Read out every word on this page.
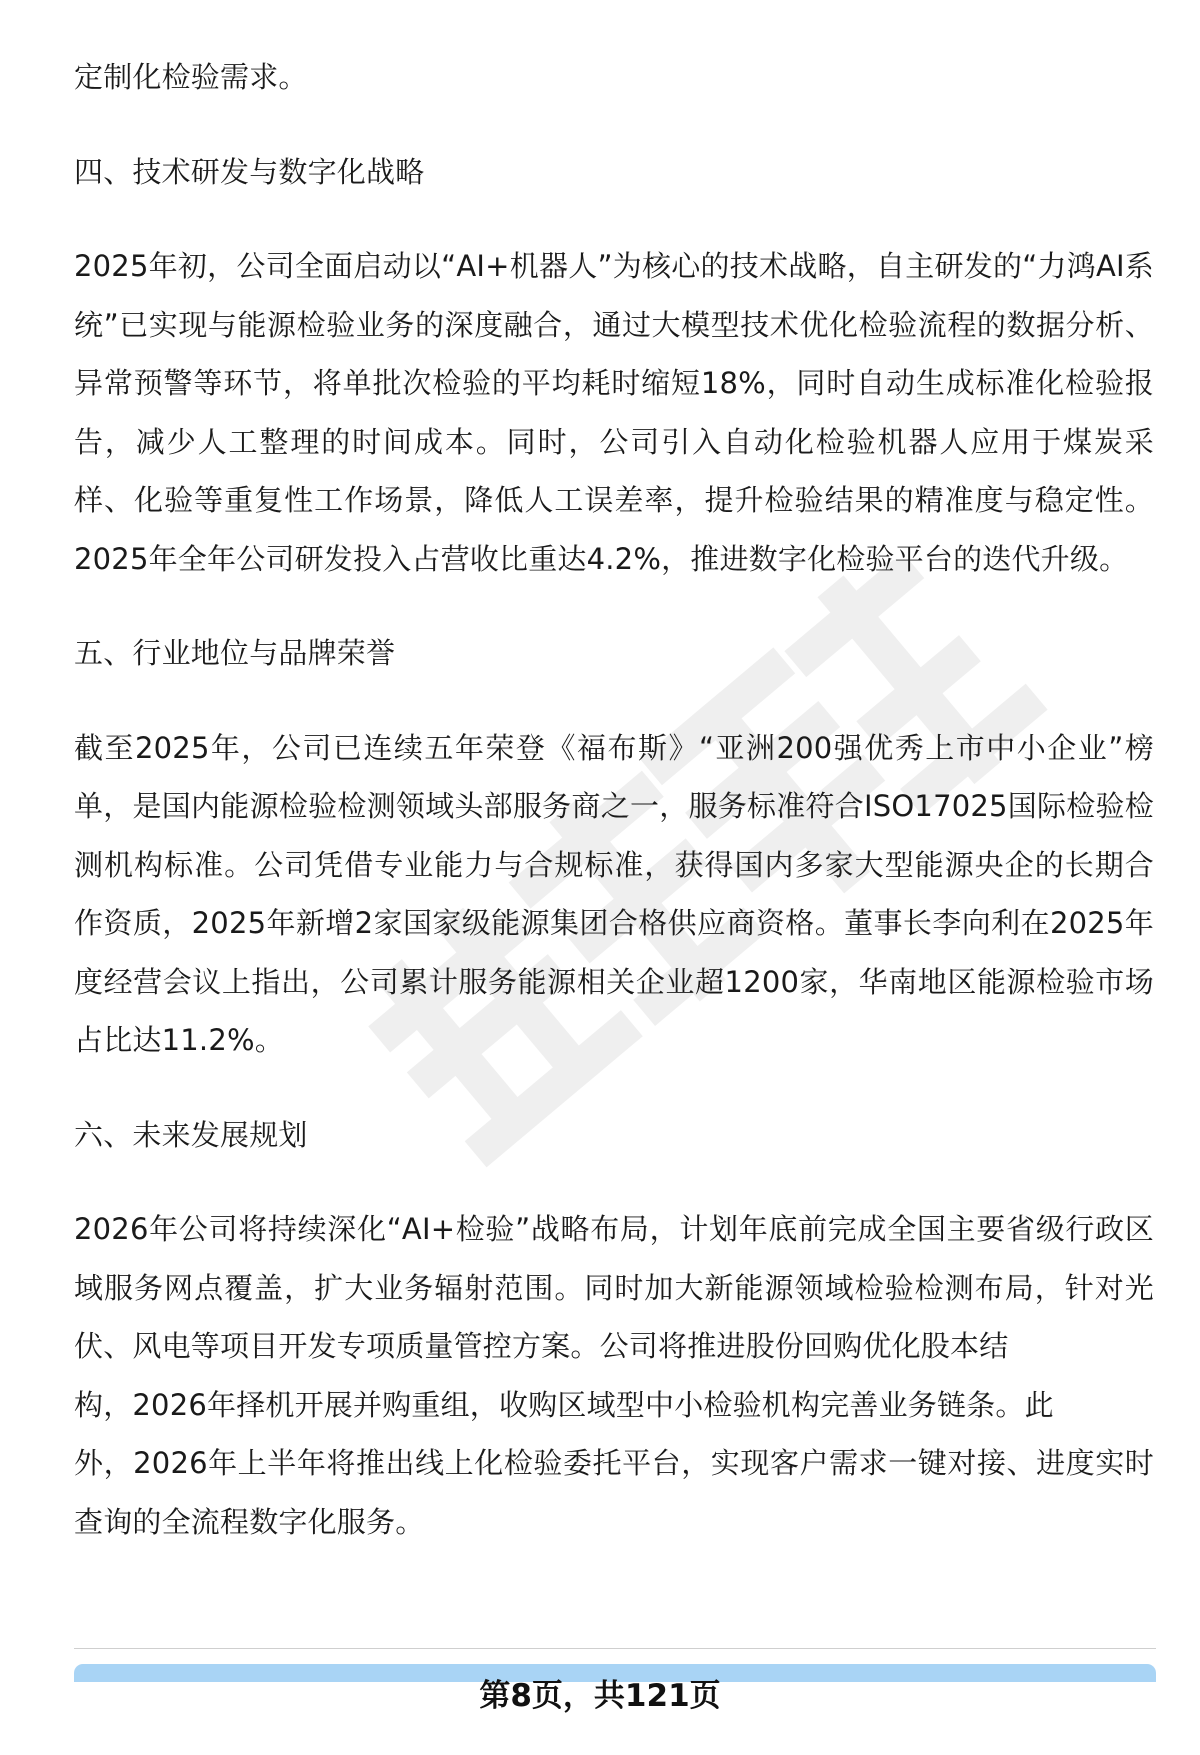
定制化检验需求。

四、技术研发与数字化战略

2025年初，公司全面启动以“AI+机器人”为核心的技术战略，自主研发的“力鸿AI系统”已实现与能源检验业务的深度融合，通过大模型技术优化检验流程的数据分析、异常预警等环节，将单批次检验的平均耗时缩短18%，同时自动生成标准化检验报告，减少人工整理的时间成本。同时，公司引入自动化检验机器人应用于煤炭采样、化验等重复性工作场景，降低人工误差率，提升检验结果的精准度与稳定性。2025年全年公司研发投入占营收比重达4.2%，推进数字化检验平台的迭代升级。

五、行业地位与品牌荣誉

截至2025年，公司已连续五年荣登《福布斯》“亚洲200强优秀上市中小企业”榜单，是国内能源检验检测领域头部服务商之一，服务标准符合ISO17025国际检验检测机构标准。公司凭借专业能力与合规标准，获得国内多家大型能源央企的长期合作资质，2025年新增2家国家级能源集团合格供应商资格。董事长李向利在2025年度经营会议上指出，公司累计服务能源相关企业超1200家，华南地区能源检验市场占比达11.2%。

六、未来发展规划

2026年公司将持续深化“AI+检验”战略布局，计划年底前完成全国主要省级行政区域服务网点覆盖，扩大业务辐射范围。同时加大新能源领域检验检测布局，针对光伏、风电等项目开发专项质量管控方案。公司将推进股份回购优化股本结

构，2026年择机开展并购重组，收购区域型中小检验机构完善业务链条。此

外，2026年上半年将推出线上化检验委托平台，实现客户需求一键对接、进度实时查询的全流程数字化服务。

第8页，共121页
